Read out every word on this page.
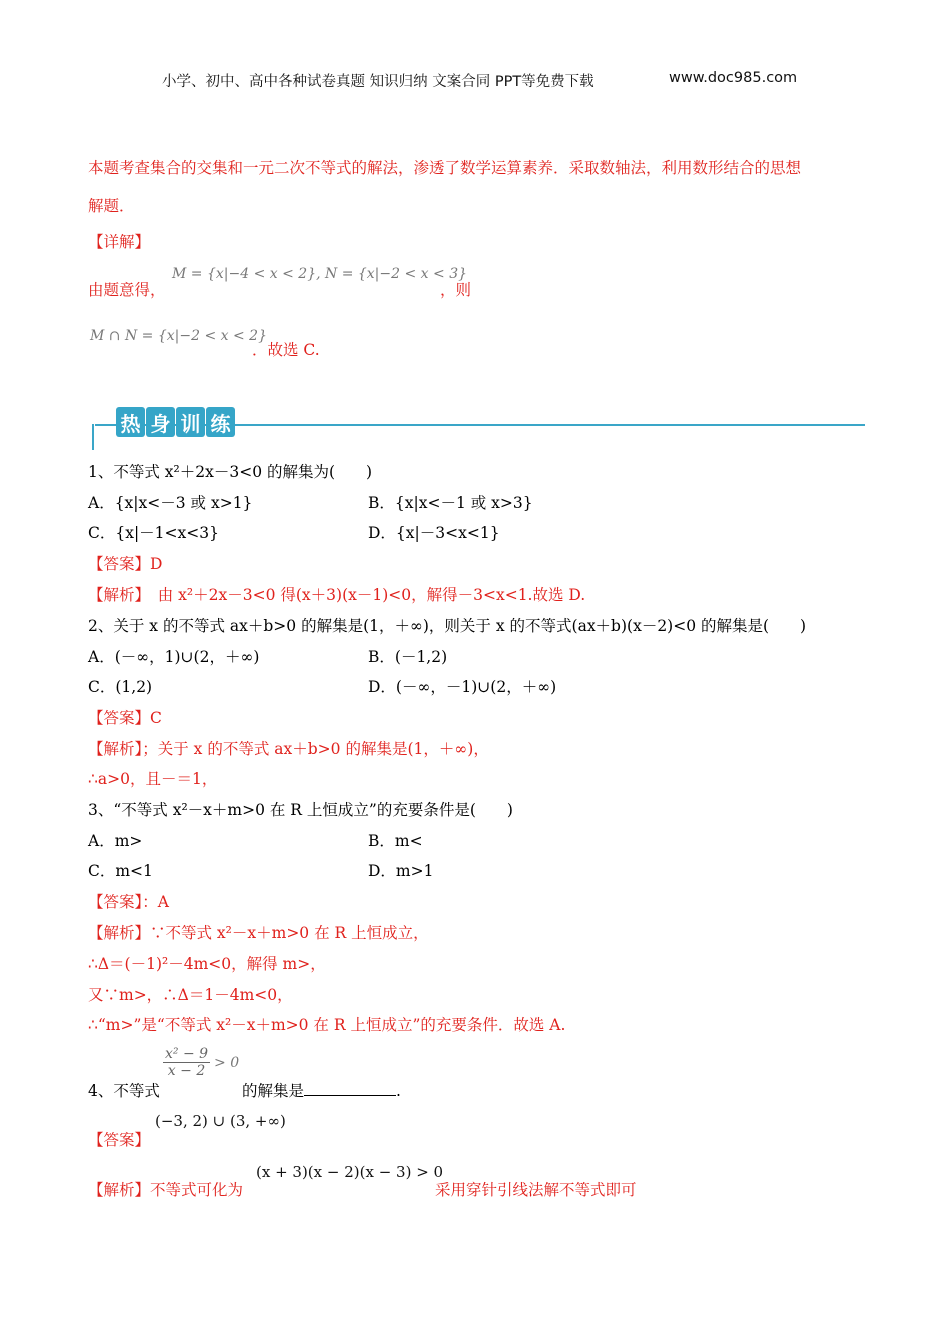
小学、初中、高中各种试卷真题 知识归纳 文案合同 PPT等免费下载	www.doc985.com
本题考查集合的交集和一元二次不等式的解法，渗透了数学运算素养．采取数轴法，利用数形结合的思想
解题．
【详解】
由题意得，
M = {x|−4 < x < 2}, N = {x|−2 < x < 3}
，则
M ∩ N = {x|−2 < x < 2}
．故选 C.
热 身 训 练
1、不等式 x²＋2x－3<0 的解集为(　　)
A．{x|x<－3 或 x>1}	B．{x|x<－1 或 x>3}
C．{x|－1<x<3}	D．{x|－3<x<1}
【答案】D
【解析】　由 x²＋2x－3<0 得(x＋3)(x－1)<0，解得－3<x<1.故选 D.
2、关于 x 的不等式 ax＋b>0 的解集是(1，＋∞)，则关于 x 的不等式(ax＋b)(x－2)<0 的解集是(　　)
A．(－∞，1)∪(2，＋∞)	B．(－1,2)
C．(1,2)	D．(－∞，－1)∪(2，＋∞)
【答案】C
【解析】；关于 x 的不等式 ax＋b>0 的解集是(1，＋∞)，
∴a>0，且－＝1，
3、“不等式 x²－x＋m>0 在 R 上恒成立”的充要条件是(　　)
A．m>	B．m<
C．m<1	D．m>1
【答案】：A
【解析】∵不等式 x²－x＋m>0 在 R 上恒成立，
∴Δ＝(－1)²－4m<0，解得 m>，
又∵m>，∴Δ＝1－4m<0，
∴“m>”是“不等式 x²－x＋m>0 在 R 上恒成立”的充要条件．故选 A.
4、不等式
$\frac{\text{x² − 9}}{x - 2} > 0$
的解集是	.
(−3, 2) ∪ (3, +∞)
【答案】
【解析】不等式可化为
(x + 3)(x − 2)(x − 3) > 0
采用穿针引线法解不等式即可
